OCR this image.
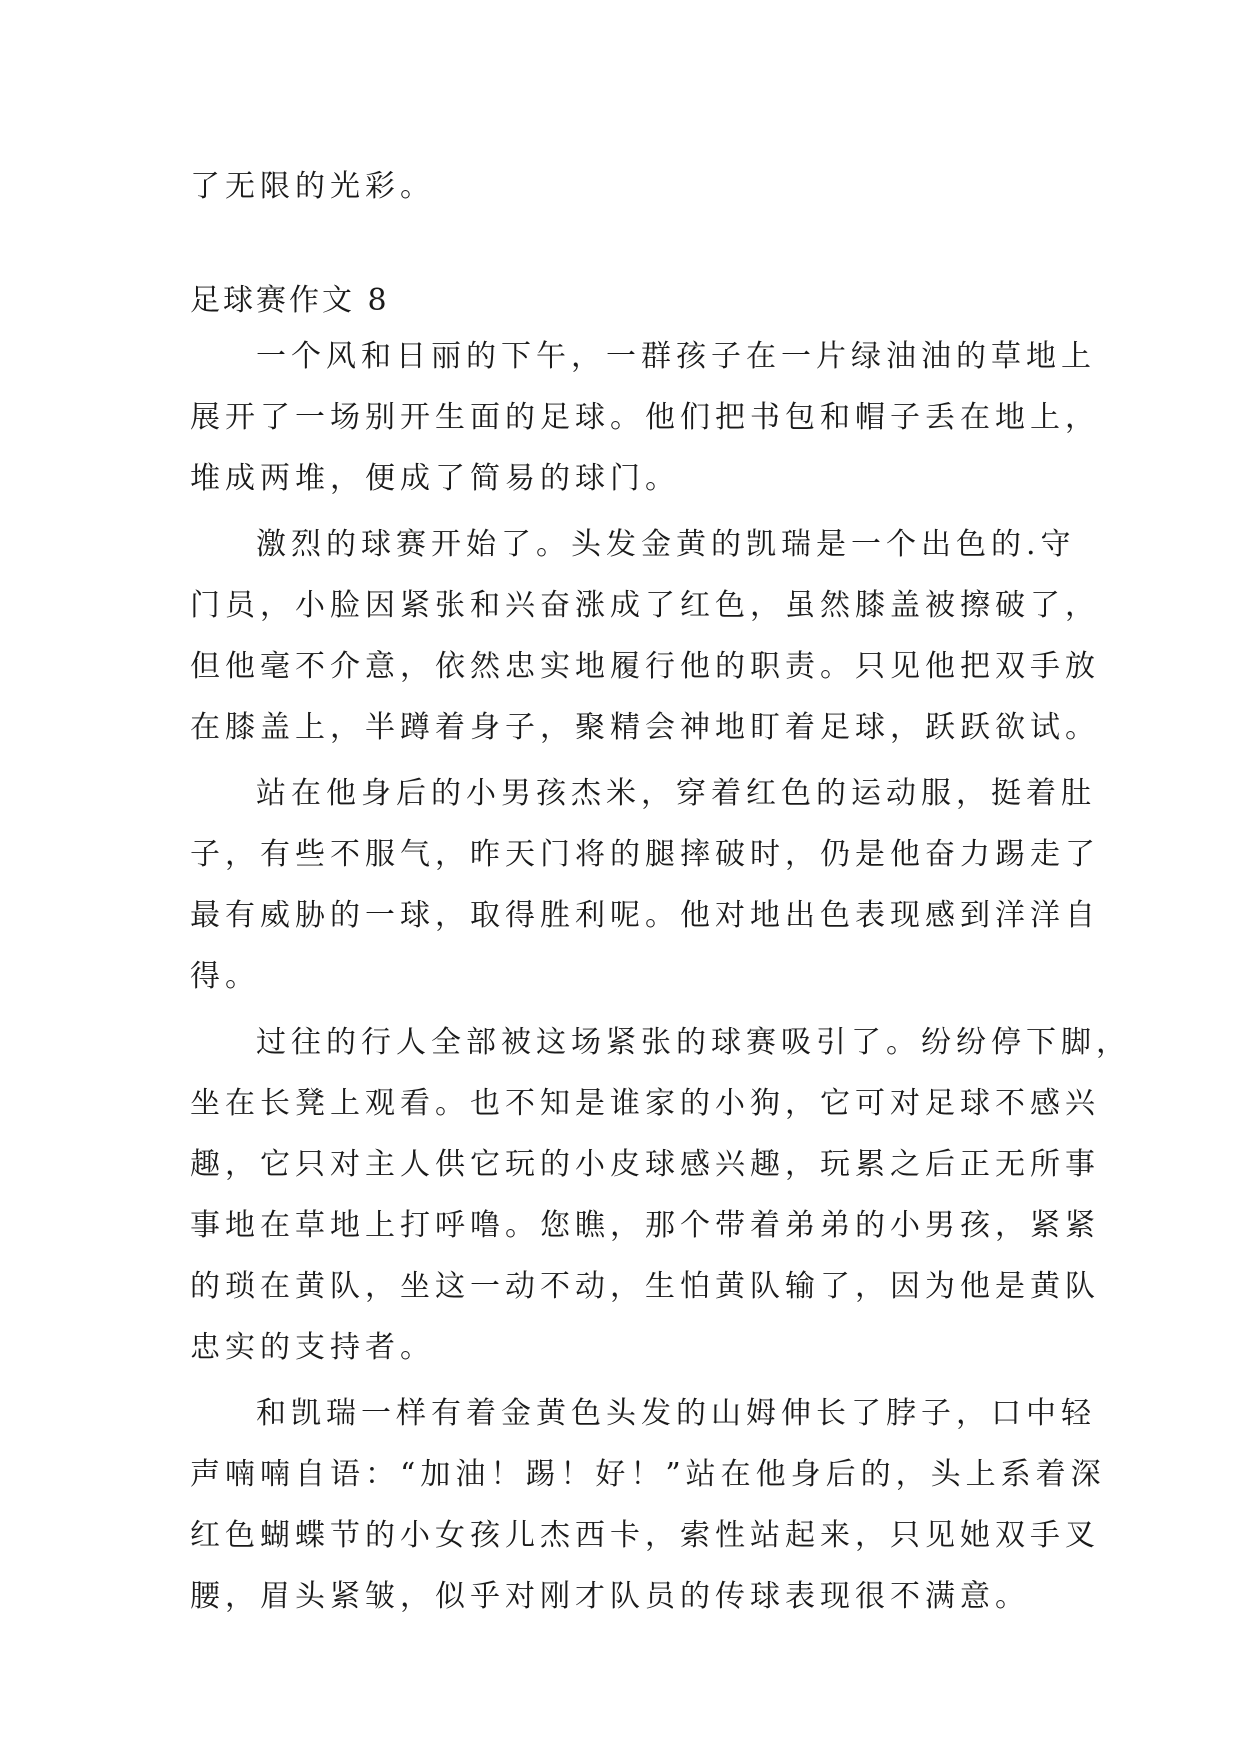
了无限的光彩。
足球赛作文 8
一个风和日丽的下午，一群孩子在一片绿油油的草地上
展开了一场别开生面的足球。他们把书包和帽子丢在地上，
堆成两堆，便成了简易的球门。
激烈的球赛开始了。头发金黄的凯瑞是一个出色的.守
门员，小脸因紧张和兴奋涨成了红色，虽然膝盖被擦破了，
但他毫不介意，依然忠实地履行他的职责。只见他把双手放
在膝盖上，半蹲着身子，聚精会神地盯着足球，跃跃欲试。
站在他身后的小男孩杰米，穿着红色的运动服，挺着肚
子，有些不服气，昨天门将的腿摔破时，仍是他奋力踢走了
最有威胁的一球，取得胜利呢。他对地出色表现感到洋洋自
得。
过往的行人全部被这场紧张的球赛吸引了。纷纷停下脚，
坐在长凳上观看。也不知是谁家的小狗，它可对足球不感兴
趣，它只对主人供它玩的小皮球感兴趣，玩累之后正无所事
事地在草地上打呼噜。您瞧，那个带着弟弟的小男孩，紧紧
的琐在黄队，坐这一动不动，生怕黄队输了，因为他是黄队
忠实的支持者。
和凯瑞一样有着金黄色头发的山姆伸长了脖子，口中轻
声喃喃自语：“加油！踢！好！”站在他身后的，头上系着深
红色蝴蝶节的小女孩儿杰西卡，索性站起来，只见她双手叉
腰，眉头紧皱，似乎对刚才队员的传球表现很不满意。
